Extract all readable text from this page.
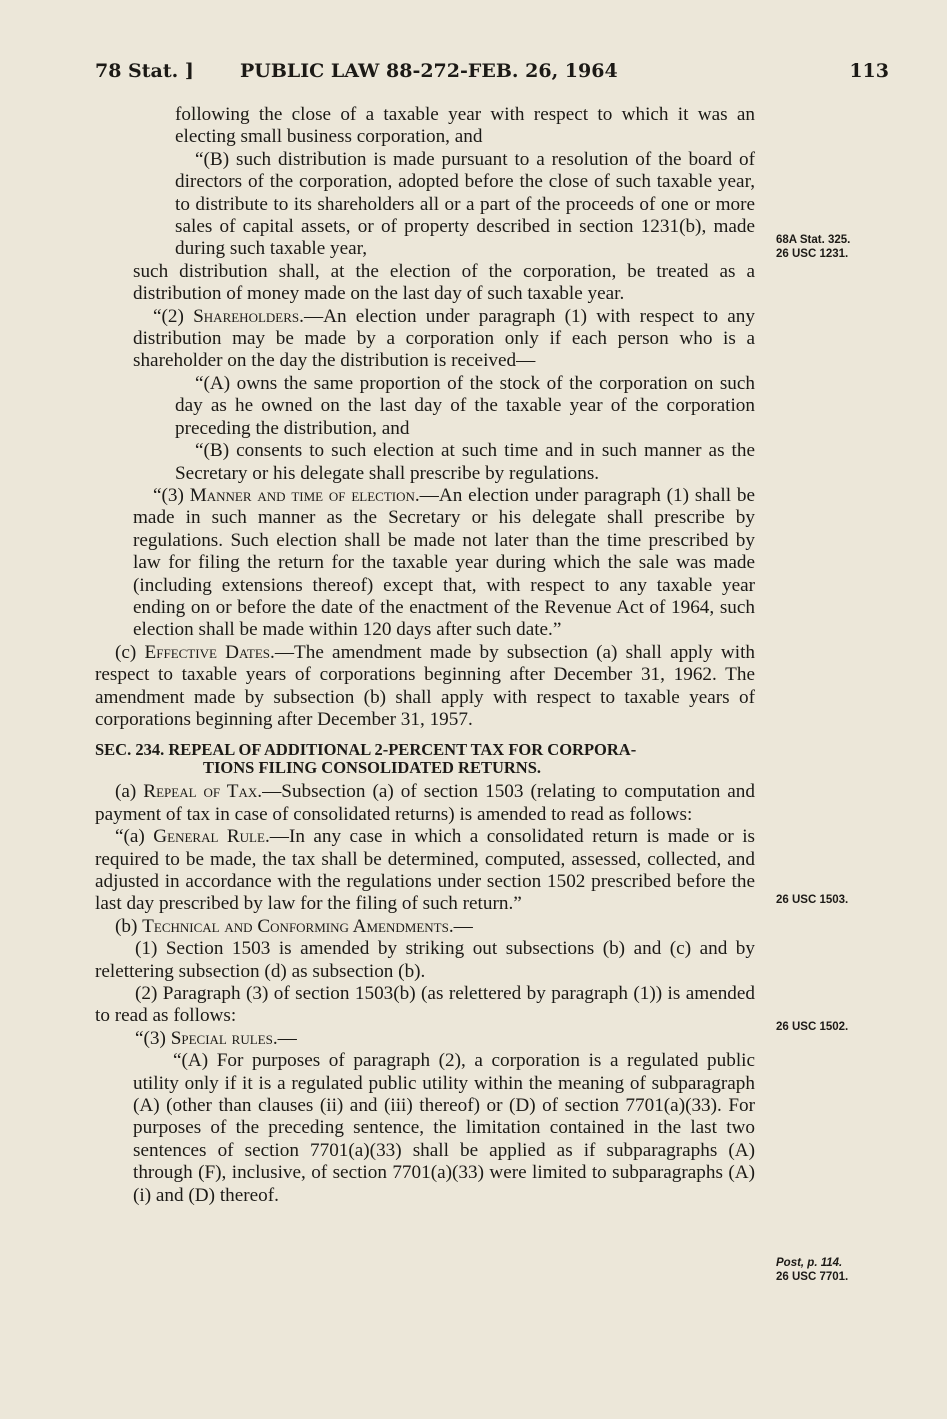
78 Stat. ] PUBLIC LAW 88-272-FEB. 26, 1964	113

following the close of a taxable year with respect to which it was an electing small business corporation, and

“(B) such distribution is made pursuant to a resolution of the board of directors of the corporation, adopted before the close of such taxable year, to distribute to its shareholders all or a part of the proceeds of one or more sales of capital assets, or of property described in section 1231(b), made during such taxable year,

such distribution shall, at the election of the corporation, be treated as a distribution of money made on the last day of such taxable year.

“(2) Shareholders.—An election under paragraph (1) with respect to any distribution may be made by a corporation only if each person who is a shareholder on the day the distribution is received—

“(A) owns the same proportion of the stock of the corporation on such day as he owned on the last day of the taxable year of the corporation preceding the distribution, and

“(B) consents to such election at such time and in such manner as the Secretary or his delegate shall prescribe by regulations.

“(3) Manner and time of election.—An election under paragraph (1) shall be made in such manner as the Secretary or his delegate shall prescribe by regulations. Such election shall be made not later than the time prescribed by law for filing the return for the taxable year during which the sale was made (including extensions thereof) except that, with respect to any taxable year ending on or before the date of the enactment of the Revenue Act of 1964, such election shall be made within 120 days after such date.”

(c) Effective Dates.—The amendment made by subsection (a) shall apply with respect to taxable years of corporations beginning after December 31, 1962. The amendment made by subsection (b) shall apply with respect to taxable years of corporations beginning after December 31, 1957.

SEC. 234. REPEAL OF ADDITIONAL 2-PERCENT TAX FOR CORPORA-
TIONS FILING CONSOLIDATED RETURNS.

(a) Repeal of Tax.—Subsection (a) of section 1503 (relating to computation and payment of tax in case of consolidated returns) is amended to read as follows:

“(a) General Rule.—In any case in which a consolidated return is made or is required to be made, the tax shall be determined, computed, assessed, collected, and adjusted in accordance with the regulations under section 1502 prescribed before the last day prescribed by law for the filing of such return.”

(b) Technical and Conforming Amendments.—

(1) Section 1503 is amended by striking out subsections (b) and (c) and by relettering subsection (d) as subsection (b).

(2) Paragraph (3) of section 1503(b) (as relettered by paragraph (1)) is amended to read as follows:

“(3) Special rules.—

“(A) For purposes of paragraph (2), a corporation is a regulated public utility only if it is a regulated public utility within the meaning of subparagraph (A) (other than clauses (ii) and (iii) thereof) or (D) of section 7701(a)(33). For purposes of the preceding sentence, the limitation contained in the last two sentences of section 7701(a)(33) shall be applied as if subparagraphs (A) through (F), inclusive, of section 7701(a)(33) were limited to subparagraphs (A)(i) and (D) thereof.

68A Stat. 325.
26 USC 1231.
26 USC 1503.
26 USC 1502.
Post, p. 114.
26 USC 7701.
